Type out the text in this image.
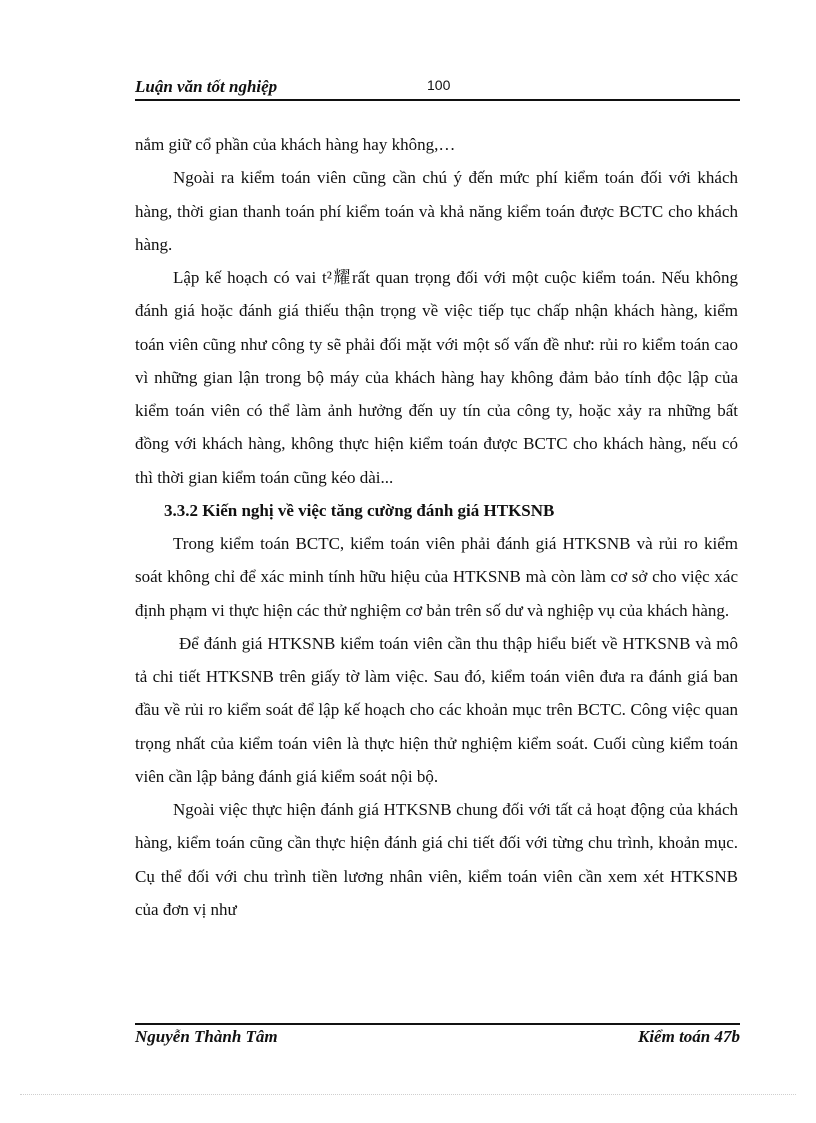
Luận văn tốt nghiệp	100

nắm giữ cổ phần của khách hàng hay không,…

Ngoài ra kiểm toán viên cũng cần chú ý đến mức phí kiểm toán đối với khách hàng, thời gian thanh toán phí kiểm toán và khả năng kiểm toán được BCTC cho khách hàng.

Lập kế hoạch có vai t²耀rất quan trọng đối với một cuộc kiểm toán. Nếu không đánh giá hoặc đánh giá thiếu thận trọng về việc tiếp tục chấp nhận khách hàng, kiểm toán viên cũng như công ty sẽ phải đối mặt với một số vấn đề như: rủi ro kiểm toán cao vì những gian lận trong bộ máy của khách hàng hay không đảm bảo tính độc lập của kiểm toán viên có thể làm ảnh hưởng đến uy tín của công ty, hoặc xảy ra những bất đồng với khách hàng, không thực hiện kiểm toán được BCTC cho khách hàng, nếu có thì thời gian kiểm toán cũng kéo dài...

3.3.2 Kiến nghị về việc tăng cường đánh giá HTKSNB

Trong kiểm toán BCTC, kiểm toán viên phải đánh giá HTKSNB và rủi ro kiểm soát không chỉ để xác minh tính hữu hiệu của HTKSNB mà còn làm cơ sở cho việc xác định phạm vi thực hiện các thử nghiệm cơ bản trên số dư và nghiệp vụ của khách hàng.

Để đánh giá HTKSNB kiểm toán viên cần thu thập hiểu biết về HTKSNB và mô tả chi tiết HTKSNB trên giấy tờ làm việc. Sau đó, kiểm toán viên đưa ra đánh giá ban đầu về rủi ro kiểm soát để lập kế hoạch cho các khoản mục trên BCTC. Công việc quan trọng nhất của kiểm toán viên là thực hiện thử nghiệm kiểm soát. Cuối cùng kiểm toán viên cần lập bảng đánh giá kiểm soát nội bộ.

Ngoài việc thực hiện đánh giá HTKSNB chung đối với tất cả hoạt động của khách hàng, kiểm toán cũng cần thực hiện đánh giá chi tiết đối với từng chu trình, khoản mục. Cụ thể đối với chu trình tiền lương nhân viên, kiểm toán viên cần xem xét HTKSNB của đơn vị như

Nguyễn Thành Tâm	Kiểm toán 47b
